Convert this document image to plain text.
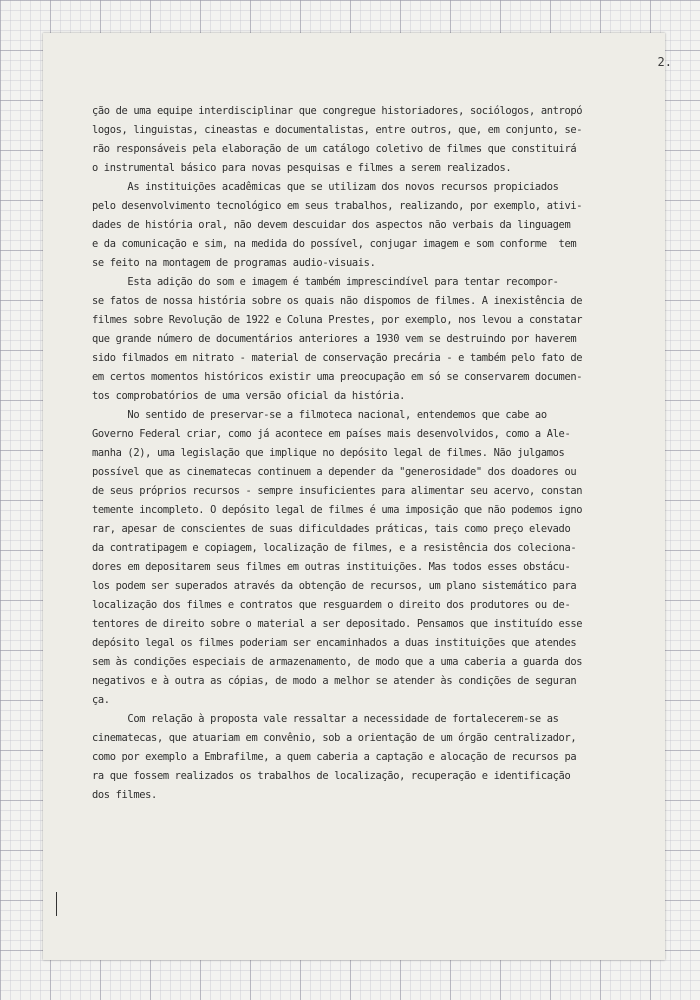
2.
ção de uma equipe interdisciplinar que congregue historiadores, sociólogos, antropó
logos, linguistas, cineastas e documentalistas, entre outros, que, em conjunto, se-
rão responsáveis pela elaboração de um catálogo coletivo de filmes que constituirá
o instrumental básico para novas pesquisas e filmes a serem realizados.
As instituições acadêmicas que se utilizam dos novos recursos propiciados
pelo desenvolvimento tecnológico em seus trabalhos, realizando, por exemplo, ativi-
dades de história oral, não devem descuidar dos aspectos não verbais da linguagem
e da comunicação e sim, na medida do possível, conjugar imagem e som conforme  tem
se feito na montagem de programas audio-visuais.
Esta adição do som e imagem é também imprescindível para tentar recompor-
se fatos de nossa história sobre os quais não dispomos de filmes. A inexistência de
filmes sobre Revolução de 1922 e Coluna Prestes, por exemplo, nos levou a constatar
que grande número de documentários anteriores a 1930 vem se destruindo por haverem
sido filmados em nitrato - material de conservação precária - e também pelo fato de
em certos momentos históricos existir uma preocupação em só se conservarem documen-
tos comprobatórios de uma versão oficial da história.
No sentido de preservar-se a filmoteca nacional, entendemos que cabe ao
Governo Federal criar, como já acontece em países mais desenvolvidos, como a Ale-
manha (2), uma legislação que implique no depósito legal de filmes. Não julgamos
possível que as cinematecas continuem a depender da "generosidade" dos doadores ou
de seus próprios recursos - sempre insuficientes para alimentar seu acervo, constan
temente incompleto. O depósito legal de filmes é uma imposição que não podemos igno
rar, apesar de conscientes de suas dificuldades práticas, tais como preço elevado
da contratipagem e copiagem, localização de filmes, e a resistência dos coleciona-
dores em depositarem seus filmes em outras instituições. Mas todos esses obstácu-
los podem ser superados através da obtenção de recursos, um plano sistemático para
localização dos filmes e contratos que resguardem o direito dos produtores ou de-
tentores de direito sobre o material a ser depositado. Pensamos que instituído esse
depósito legal os filmes poderiam ser encaminhados a duas instituições que atendes
sem às condições especiais de armazenamento, de modo que a uma caberia a guarda dos
negativos e à outra as cópias, de modo a melhor se atender às condições de seguran
ça.
Com relação à proposta vale ressaltar a necessidade de fortalecerem-se as
cinematecas, que atuariam em convênio, sob a orientação de um órgão centralizador,
como por exemplo a Embrafilme, a quem caberia a captação e alocação de recursos pa
ra que fossem realizados os trabalhos de localização, recuperação e identificação
dos filmes.
